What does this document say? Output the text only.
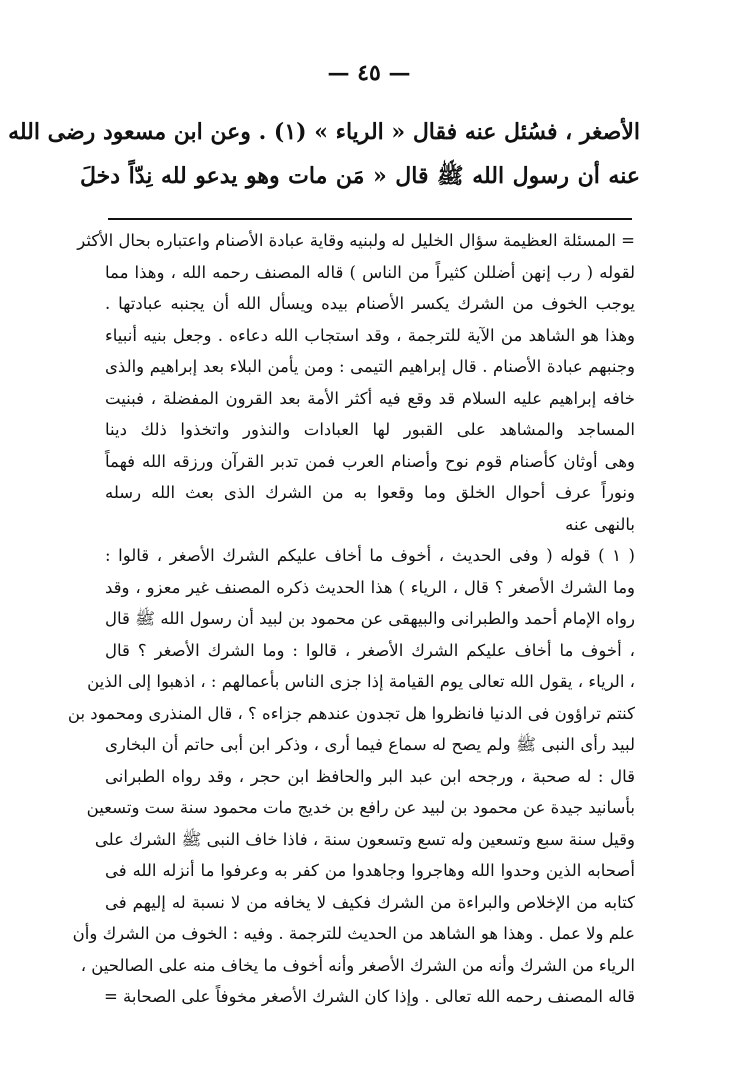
— ٤٥ —
الأصغر ، فسُئل عنه فقال « الرياء » (١) . وعن ابن مسعود رضى الله
عنه أن رسول الله ﷺ قال « مَن مات وهو يدعو لله نِدّاً دخلَ
= المسئلة العظيمة سؤال الخليل له ولبنيه وقاية عبادة الأصنام واعتباره بحال الأكثر
لقوله ( رب إنهن أضللن كثيراً من الناس ) قاله المصنف رحمه الله ، وهذا مما
يوجب الخوف من الشرك يكسر الأصنام بيده ويسأل الله أن يجنبه عبادتها .
وهذا هو الشاهد من الآية للترجمة ، وقد استجاب الله دعاءه . وجعل بنيه أنبياء
وجنبهم عبادة الأصنام . قال إبراهيم التيمى : ومن يأمن البلاء بعد إبراهيم والذى
خافه إبراهيم عليه السلام قد وقع فيه أكثر الأمة بعد القرون المفضلة ، فبنيت
المساجد والمشاهد على القبور لها العبادات والنذور واتخذوا ذلك دينا
وهى أوثان كأصنام قوم نوح وأصنام العرب فمن تدبر القرآن ورزقه الله فهماً
ونوراً عرف أحوال الخلق وما وقعوا به من الشرك الذى بعث الله رسله
بالنهى عنه
( ١ ) قوله ( وفى الحديث ، أخوف ما أخاف عليكم الشرك الأصغر ، قالوا :
وما الشرك الأصغر ؟ قال ، الرياء ) هذا الحديث ذكره المصنف غير معزو ، وقد
رواه الإمام أحمد والطبرانى والبيهقى عن محمود بن لبيد أن رسول الله ﷺ قال
، أخوف ما أخاف عليكم الشرك الأصغر ، قالوا : وما الشرك الأصغر ؟ قال
، الرياء ، يقول الله تعالى يوم القيامة إذا جزى الناس بأعمالهم : ، اذهبوا إلى الذين
كنتم تراؤون فى الدنيا فانظروا هل تجدون عندهم جزاءه ؟ ، قال المنذرى ومحمود بن
لبيد رأى النبى ﷺ ولم يصح له سماع فيما أرى ، وذكر ابن أبى حاتم أن البخارى
قال : له صحبة ، ورجحه ابن عبد البر والحافظ ابن حجر ، وقد رواه الطبرانى
بأسانيد جيدة عن محمود بن لبيد عن رافع بن خديج مات محمود سنة ست وتسعين
وقيل سنة سبع وتسعين وله تسع وتسعون سنة ، فاذا خاف النبى ﷺ الشرك على
أصحابه الذين وحدوا الله وهاجروا وجاهدوا من كفر به وعرفوا ما أنزله الله فى
كتابه من الإخلاص والبراءة من الشرك فكيف لا يخافه من لا نسبة له إليهم فى
علم ولا عمل . وهذا هو الشاهد من الحديث للترجمة . وفيه : الخوف من الشرك وأن
الرياء من الشرك وأنه من الشرك الأصغر وأنه أخوف ما يخاف منه على الصالحين ،
قاله المصنف رحمه الله تعالى . وإذا كان الشرك الأصغر مخوفاً على الصحابة =
